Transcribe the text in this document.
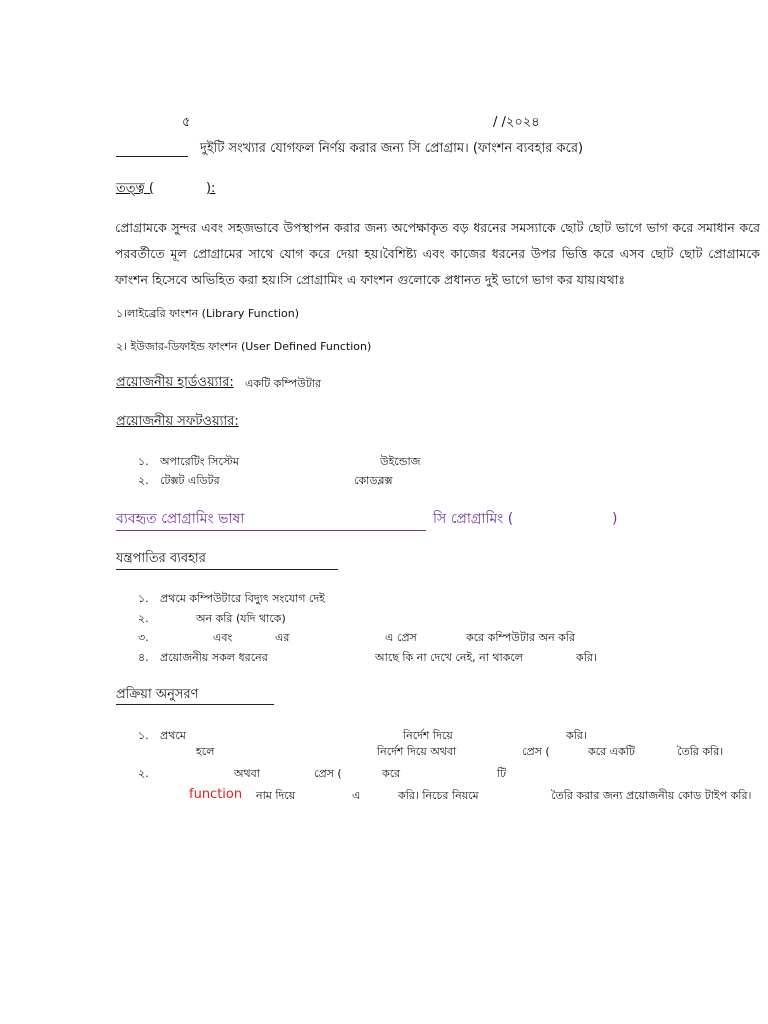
৫	/ /২০২৪
দুইটি সংখ্যার যোগফল নির্ণয় করার জন্য সি প্রোগ্রাম। (ফাংশন ব্যবহার করে)
তত্ত্ব (	):
প্রোগ্রামকে সুন্দর এবং সহজভাবে উপস্থাপন করার জন্য অপেক্ষাকৃত বড় ধরনের সমস্যাকে ছোট ছোট ভাগে ভাগ করে সমাধান করে পরবর্তীতে মূল প্রোগ্রামের সাথে যোগ করে দেয়া হয়।বৈশিষ্ট্য এবং কাজের ধরনের উপর ভিত্তি করে এসব ছোট ছোট প্রোগ্রামকে ফাংশন হিসেবে অভিহিত করা হয়।সি প্রোগ্রামিং এ ফাংশন গুলোকে প্রধানত দুই ভাগে ভাগ কর যায়।যথাঃ
১।লাইব্রেরি ফাংশন (Library Function)
২। ইউজার-ডিফাইন্ড ফাংশন (User Defined Function)
প্রয়োজনীয় হার্ডওয়্যার: একটি কম্পিউটার
প্রয়োজনীয় সফটওয়্যার:
১. অপারেটিং সিস্টেম	উইন্ডোজ
২. টেক্সট এডিটর	কোডব্লক্স
ব্যবহৃত প্রোগ্রামিং ভাষা	সি প্রোগ্রামিং (	)
যন্ত্রপাতির ব্যবহার
১. প্রথমে কম্পিউটারে বিদ্যুৎ সংযোগ দেই
২.	অন করি (যদি থাকে)
৩.	এবং	এর	এ প্রেস	করে কম্পিউটার অন করি
৪. প্রয়োজনীয় সকল ধরনের	আছে কি না দেখে নেই, না থাকলে	করি।
প্রক্রিয়া অনুসরণ
১. প্রথমে	নির্দেশ দিয়ে	করি।
হলে	নির্দেশ দিয়ে অথবা	প্রেস (	করে একটি	তৈরি করি।
২.	অথবা	প্রেস (	করে	টি
function নাম দিয়ে	এ	করি। নিচের নিয়মে	তৈরি করার জন্য প্রয়োজনীয় কোড টাইপ করি।
